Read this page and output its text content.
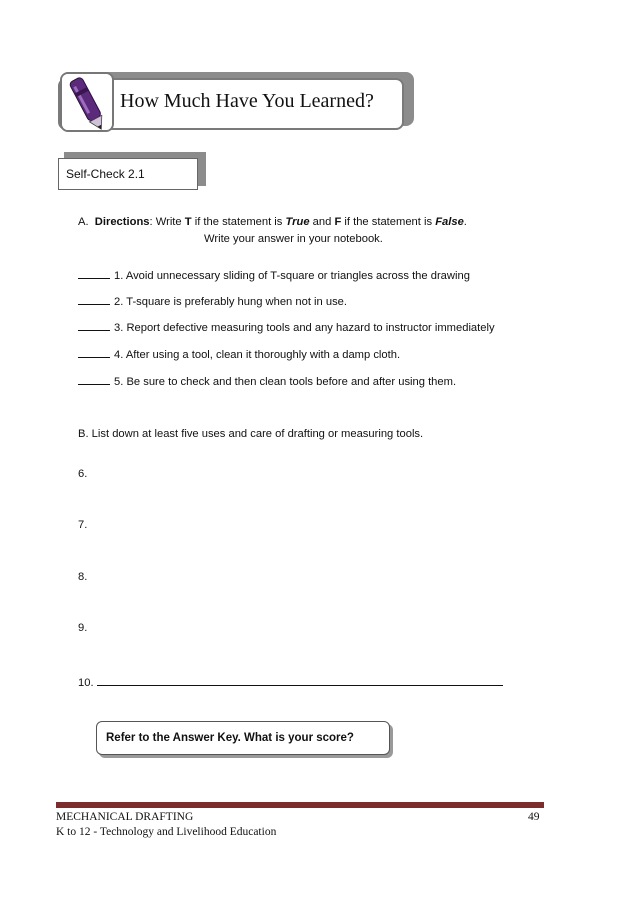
How Much Have You Learned?
Self-Check 2.1
A. Directions: Write T if the statement is True and F if the statement is False.
Write your answer in your notebook.
1. Avoid unnecessary sliding of T-square or triangles across the drawing
2. T-square is preferably hung when not in use.
3. Report defective measuring tools and any hazard to instructor immediately
4. After using a tool, clean it thoroughly with a damp cloth.
5. Be sure to check and then clean tools before and after using them.
B. List down at least five uses and care of drafting or measuring tools.
6.
7.
8.
9.
10.
Refer to the Answer Key. What is your score?
MECHANICAL DRAFTING	49
K to 12 - Technology and Livelihood Education
